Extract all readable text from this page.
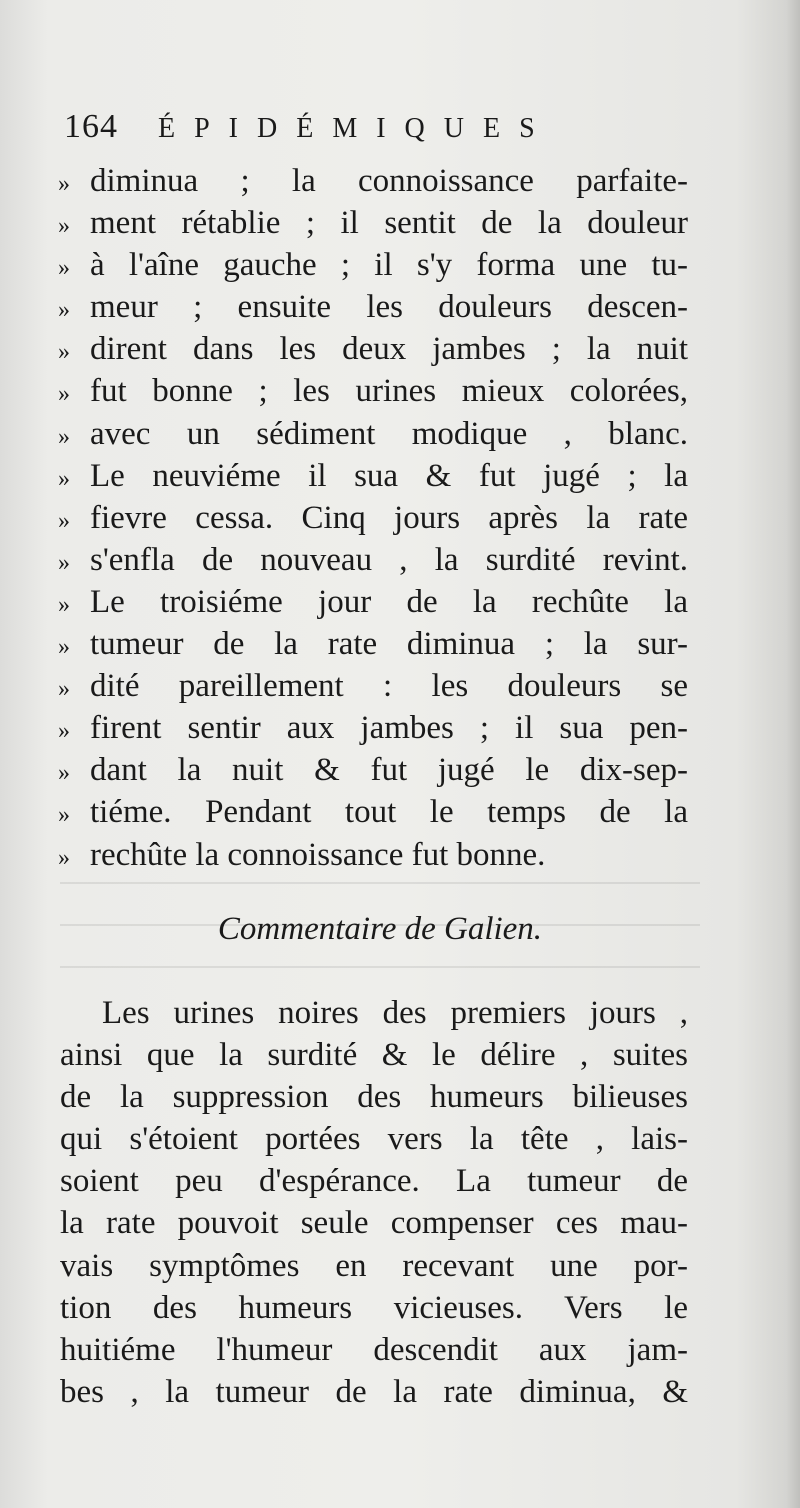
164 ÉPIDÉMIQUES
» diminua ; la connoissance parfaite-
» ment rétablie ; il sentit de la douleur
» à l'aîne gauche ; il s'y forma une tu-
» meur ; ensuite les douleurs descen-
» dirent dans les deux jambes ; la nuit
» fut bonne ; les urines mieux colorées,
» avec un sédiment modique , blanc.
» Le neuviéme il sua & fut jugé ; la
» fievre cessa. Cinq jours après la rate
» s'enfla de nouveau , la surdité revint.
» Le troisiéme jour de la rechûte la
» tumeur de la rate diminua ; la sur-
» dité pareillement : les douleurs se
» firent sentir aux jambes ; il sua pen-
» dant la nuit & fut jugé le dix-sep-
» tiéme. Pendant tout le temps de la
» rechûte la connoissance fut bonne.
Commentaire de Galien.
Les urines noires des premiers jours ,
ainsi que la surdité & le délire , suites
de la suppression des humeurs bilieuses
qui s'étoient portées vers la tête , lais-
soient peu d'espérance. La tumeur de
la rate pouvoit seule compenser ces mau-
vais symptômes en recevant une por-
tion des humeurs vicieuses. Vers le
huitiéme l'humeur descendit aux jam-
bes , la tumeur de la rate diminua, &
